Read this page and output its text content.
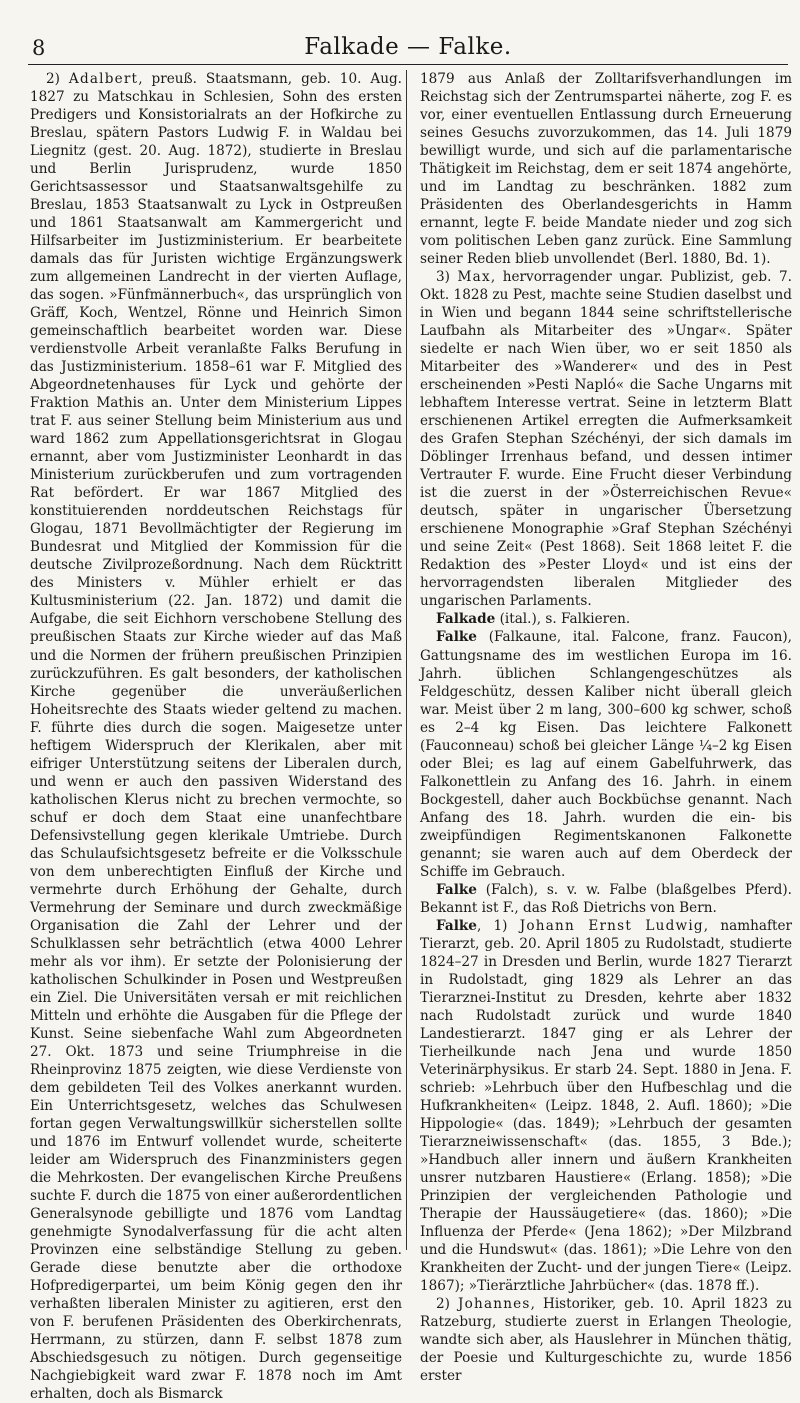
8	Falkade — Falke.

2) Adalbert, preuß. Staatsmann, geb. 10. Aug. 1827 zu Matschkau in Schlesien, Sohn des ersten Predigers und Konsistorialrats an der Hofkirche zu Breslau, spätern Pastors Ludwig F. in Waldau bei Liegnitz (gest. 20. Aug. 1872), studierte in Breslau und Berlin Jurisprudenz, wurde 1850 Gerichtsassessor und Staatsanwaltsgehilfe zu Breslau, 1853 Staatsanwalt zu Lyck in Ostpreußen und 1861 Staatsanwalt am Kammergericht und Hilfsarbeiter im Justizministerium. Er bearbeitete damals das für Juristen wichtige Ergänzungswerk zum allgemeinen Landrecht in der vierten Auflage, das sogen. »Fünfmännerbuch«, das ursprünglich von Gräff, Koch, Wentzel, Rönne und Heinrich Simon gemeinschaftlich bearbeitet worden war. Diese verdienstvolle Arbeit veranlaßte Falks Berufung in das Justizministerium. 1858–61 war F. Mitglied des Abgeordnetenhauses für Lyck und gehörte der Fraktion Mathis an. Unter dem Ministerium Lippes trat F. aus seiner Stellung beim Ministerium aus und ward 1862 zum Appellationsgerichtsrat in Glogau ernannt, aber vom Justizminister Leonhardt in das Ministerium zurückberufen und zum vortragenden Rat befördert. Er war 1867 Mitglied des konstituierenden norddeutschen Reichstags für Glogau, 1871 Bevollmächtigter der Regierung im Bundesrat und Mitglied der Kommission für die deutsche Zivilprozeßordnung. Nach dem Rücktritt des Ministers v. Mühler erhielt er das Kultusministerium (22. Jan. 1872) und damit die Aufgabe, die seit Eichhorn verschobene Stellung des preußischen Staats zur Kirche wieder auf das Maß und die Normen der frühern preußischen Prinzipien zurückzuführen. Es galt besonders, der katholischen Kirche gegenüber die unveräußerlichen Hoheitsrechte des Staats wieder geltend zu machen. F. führte dies durch die sogen. Maigesetze unter heftigem Widerspruch der Klerikalen, aber mit eifriger Unterstützung seitens der Liberalen durch, und wenn er auch den passiven Widerstand des katholischen Klerus nicht zu brechen vermochte, so schuf er doch dem Staat eine unanfechtbare Defensivstellung gegen klerikale Umtriebe. Durch das Schulaufsichtsgesetz befreite er die Volksschule von dem unberechtigten Einfluß der Kirche und vermehrte durch Erhöhung der Gehalte, durch Vermehrung der Seminare und durch zweckmäßige Organisation die Zahl der Lehrer und der Schulklassen sehr beträchtlich (etwa 4000 Lehrer mehr als vor ihm). Er setzte der Polonisierung der katholischen Schulkinder in Posen und Westpreußen ein Ziel. Die Universitäten versah er mit reichlichen Mitteln und erhöhte die Ausgaben für die Pflege der Kunst. Seine siebenfache Wahl zum Abgeordneten 27. Okt. 1873 und seine Triumphreise in die Rheinprovinz 1875 zeigten, wie diese Verdienste von dem gebildeten Teil des Volkes anerkannt wurden. Ein Unterrichtsgesetz, welches das Schulwesen fortan gegen Verwaltungswillkür sicherstellen sollte und 1876 im Entwurf vollendet wurde, scheiterte leider am Widerspruch des Finanzministers gegen die Mehrkosten. Der evangelischen Kirche Preußens suchte F. durch die 1875 von einer außerordentlichen Generalsynode gebilligte und 1876 vom Landtag genehmigte Synodalverfassung für die acht alten Provinzen eine selbständige Stellung zu geben. Gerade diese benutzte aber die orthodoxe Hofpredigerpartei, um beim König gegen den ihr verhaßten liberalen Minister zu agitieren, erst den von F. berufenen Präsidenten des Oberkirchenrats, Herrmann, zu stürzen, dann F. selbst 1878 zum Abschiedsgesuch zu nötigen. Durch gegenseitige Nachgiebigkeit ward zwar F. 1878 noch im Amt erhalten, doch als Bismarck

1879 aus Anlaß der Zolltarifsverhandlungen im Reichstag sich der Zentrumspartei näherte, zog F. es vor, einer eventuellen Entlassung durch Erneuerung seines Gesuchs zuvorzukommen, das 14. Juli 1879 bewilligt wurde, und sich auf die parlamentarische Thätigkeit im Reichstag, dem er seit 1874 angehörte, und im Landtag zu beschränken. 1882 zum Präsidenten des Oberlandesgerichts in Hamm ernannt, legte F. beide Mandate nieder und zog sich vom politischen Leben ganz zurück. Eine Sammlung seiner Reden blieb unvollendet (Berl. 1880, Bd. 1).

3) Max, hervorragender ungar. Publizist, geb. 7. Okt. 1828 zu Pest, machte seine Studien daselbst und in Wien und begann 1844 seine schriftstellerische Laufbahn als Mitarbeiter des »Ungar«. Später siedelte er nach Wien über, wo er seit 1850 als Mitarbeiter des »Wanderer« und des in Pest erscheinenden »Pesti Napló« die Sache Ungarns mit lebhaftem Interesse vertrat. Seine in letzterm Blatt erschienenen Artikel erregten die Aufmerksamkeit des Grafen Stephan Széchényi, der sich damals im Döblinger Irrenhaus befand, und dessen intimer Vertrauter F. wurde. Eine Frucht dieser Verbindung ist die zuerst in der »Österreichischen Revue« deutsch, später in ungarischer Übersetzung erschienene Monographie »Graf Stephan Széchényi und seine Zeit« (Pest 1868). Seit 1868 leitet F. die Redaktion des »Pester Lloyd« und ist eins der hervorragendsten liberalen Mitglieder des ungarischen Parlaments.

Falkade (ital.), s. Falkieren.

Falke (Falkaune, ital. Falcone, franz. Faucon), Gattungsname des im westlichen Europa im 16. Jahrh. üblichen Schlangengeschützes als Feldgeschütz, dessen Kaliber nicht überall gleich war. Meist über 2 m lang, 300–600 kg schwer, schoß es 2–4 kg Eisen. Das leichtere Falkonett (Fauconneau) schoß bei gleicher Länge ¼–2 kg Eisen oder Blei; es lag auf einem Gabelfuhrwerk, das Falkonettlein zu Anfang des 16. Jahrh. in einem Bockgestell, daher auch Bockbüchse genannt. Nach Anfang des 18. Jahrh. wurden die ein- bis zweipfündigen Regimentskanonen Falkonette genannt; sie waren auch auf dem Oberdeck der Schiffe im Gebrauch.

Falke (Falch), s. v. w. Falbe (blaßgelbes Pferd). Bekannt ist F., das Roß Dietrichs von Bern.

Falke, 1) Johann Ernst Ludwig, namhafter Tierarzt, geb. 20. April 1805 zu Rudolstadt, studierte 1824–27 in Dresden und Berlin, wurde 1827 Tierarzt in Rudolstadt, ging 1829 als Lehrer an das Tierarznei-Institut zu Dresden, kehrte aber 1832 nach Rudolstadt zurück und wurde 1840 Landestierarzt. 1847 ging er als Lehrer der Tierheilkunde nach Jena und wurde 1850 Veterinärphysikus. Er starb 24. Sept. 1880 in Jena. F. schrieb: »Lehrbuch über den Hufbeschlag und die Hufkrankheiten« (Leipz. 1848, 2. Aufl. 1860); »Die Hippologie« (das. 1849); »Lehrbuch der gesamten Tierarzneiwissenschaft« (das. 1855, 3 Bde.); »Handbuch aller innern und äußern Krankheiten unsrer nutzbaren Haustiere« (Erlang. 1858); »Die Prinzipien der vergleichenden Pathologie und Therapie der Haussäugetiere« (das. 1860); »Die Influenza der Pferde« (Jena 1862); »Der Milzbrand und die Hundswut« (das. 1861); »Die Lehre von den Krankheiten der Zucht- und der jungen Tiere« (Leipz. 1867); »Tierärztliche Jahrbücher« (das. 1878 ff.).

2) Johannes, Historiker, geb. 10. April 1823 zu Ratzeburg, studierte zuerst in Erlangen Theologie, wandte sich aber, als Hauslehrer in München thätig, der Poesie und Kulturgeschichte zu, wurde 1856 erster
